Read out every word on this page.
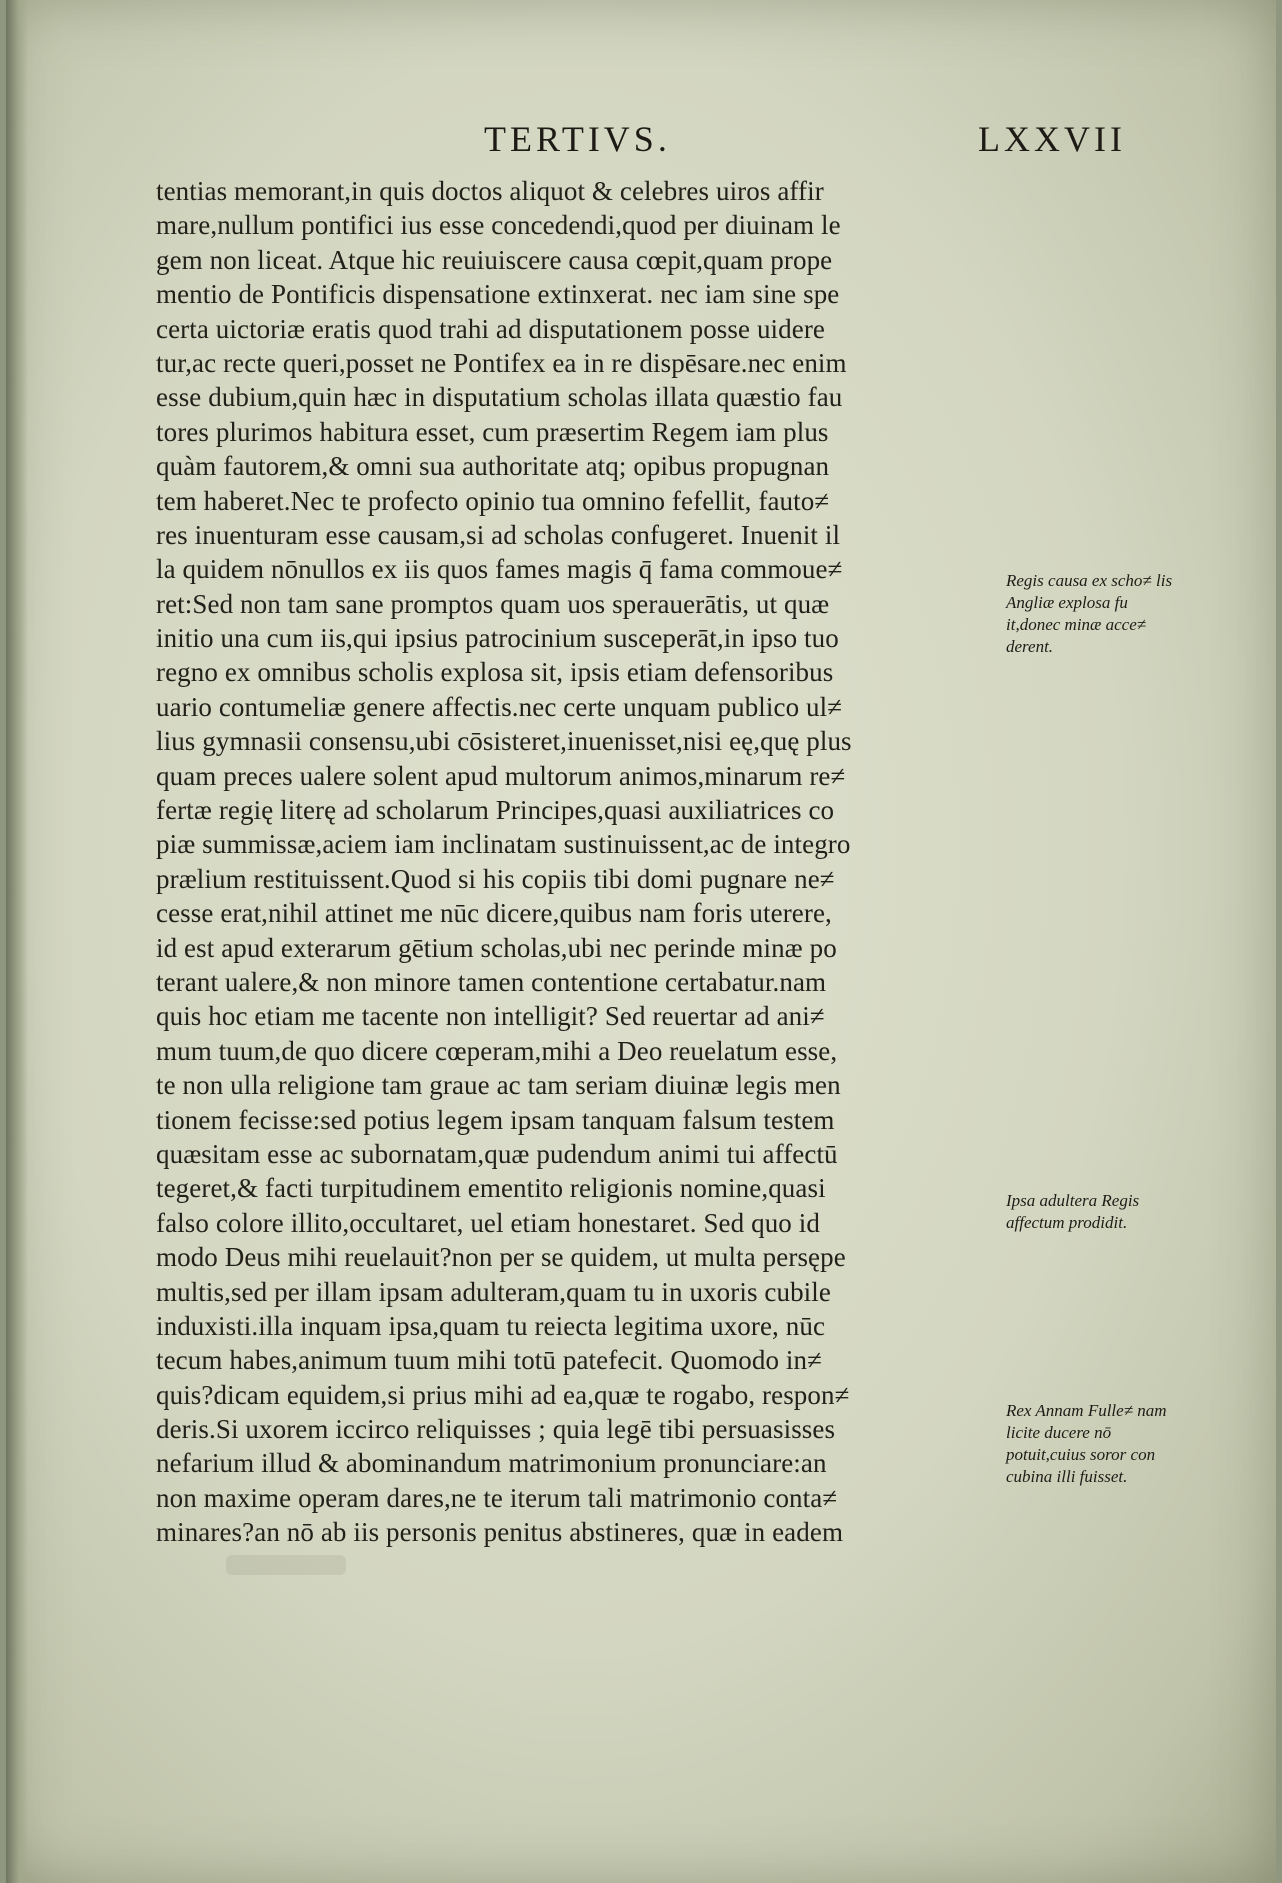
TERTIVS.	LXXVII
tentias memorant,in quis doctos aliquot & celebres uiros affir
mare,nullum pontifici ius esse concedendi,quod per diuinam le
gem non liceat. Atque hic reuiuiscere causa cœpit,quam prope
mentio de Pontificis dispensatione extinxerat. nec iam sine spe
certa uictoriæ eratis quod trahi ad disputationem posse uidere
tur,ac recte queri,posset ne Pontifex ea in re dispēsare.nec enim
esse dubium,quin hæc in disputatium scholas illata quæstio fau
tores plurimos habitura esset, cum præsertim Regem iam plus
quàm fautorem,& omni sua authoritate atq; opibus propugnan
tem haberet.Nec te profecto opinio tua omnino fefellit, fauto≠
res inuenturam esse causam,si ad scholas confugeret. Inuenit il
la quidem nōnullos ex iis quos fames magis q̄ fama commoue≠
ret:Sed non tam sane promptos quam uos sperauerātis, ut quæ
initio una cum iis,qui ipsius patrocinium susceperāt,in ipso tuo
regno ex omnibus scholis explosa sit, ipsis etiam defensoribus
uario contumeliæ genere affectis.nec certe unquam publico ul≠
lius gymnasii consensu,ubi cōsisteret,inuenisset,nisi eę,quę plus
quam preces ualere solent apud multorum animos,minarum re≠
fertæ regię literę ad scholarum Principes,quasi auxiliatrices co
piæ summissæ,aciem iam inclinatam sustinuissent,ac de integro
prælium restituissent.Quod si his copiis tibi domi pugnare ne≠
cesse erat,nihil attinet me nūc dicere,quibus nam foris uterere,
id est apud exterarum gētium scholas,ubi nec perinde minæ po
terant ualere,& non minore tamen contentione certabatur.nam
quis hoc etiam me tacente non intelligit? Sed reuertar ad ani≠
mum tuum,de quo dicere cœperam,mihi a Deo reuelatum esse,
te non ulla religione tam graue ac tam seriam diuinæ legis men
tionem fecisse:sed potius legem ipsam tanquam falsum testem
quæsitam esse ac subornatam,quæ pudendum animi tui affectū
tegeret,& facti turpitudinem ementito religionis nomine,quasi
falso colore illito,occultaret, uel etiam honestaret. Sed quo id
modo Deus mihi reuelauit?non per se quidem, ut multa persępe
multis,sed per illam ipsam adulteram,quam tu in uxoris cubile
induxisti.illa inquam ipsa,quam tu reiecta legitima uxore, nūc
tecum habes,animum tuum mihi totū patefecit. Quomodo in≠
quis?dicam equidem,si prius mihi ad ea,quæ te rogabo, respon≠
deris.Si uxorem iccirco reliquisses ; quia legē tibi persuasisses
nefarium illud & abominandum matrimonium pronunciare:an
non maxime operam dares,ne te iterum tali matrimonio conta≠
minares?an nō ab iis personis penitus abstineres, quæ in eadem
Regis causa ex scho≠ lis Angliæ explosa fu it,donec minæ acce≠ derent.
Ipsa adultera Regis affectum prodidit.
Rex Annam Fulle≠ nam licite ducere nō potuit,cuius soror con cubina illi fuisset.
